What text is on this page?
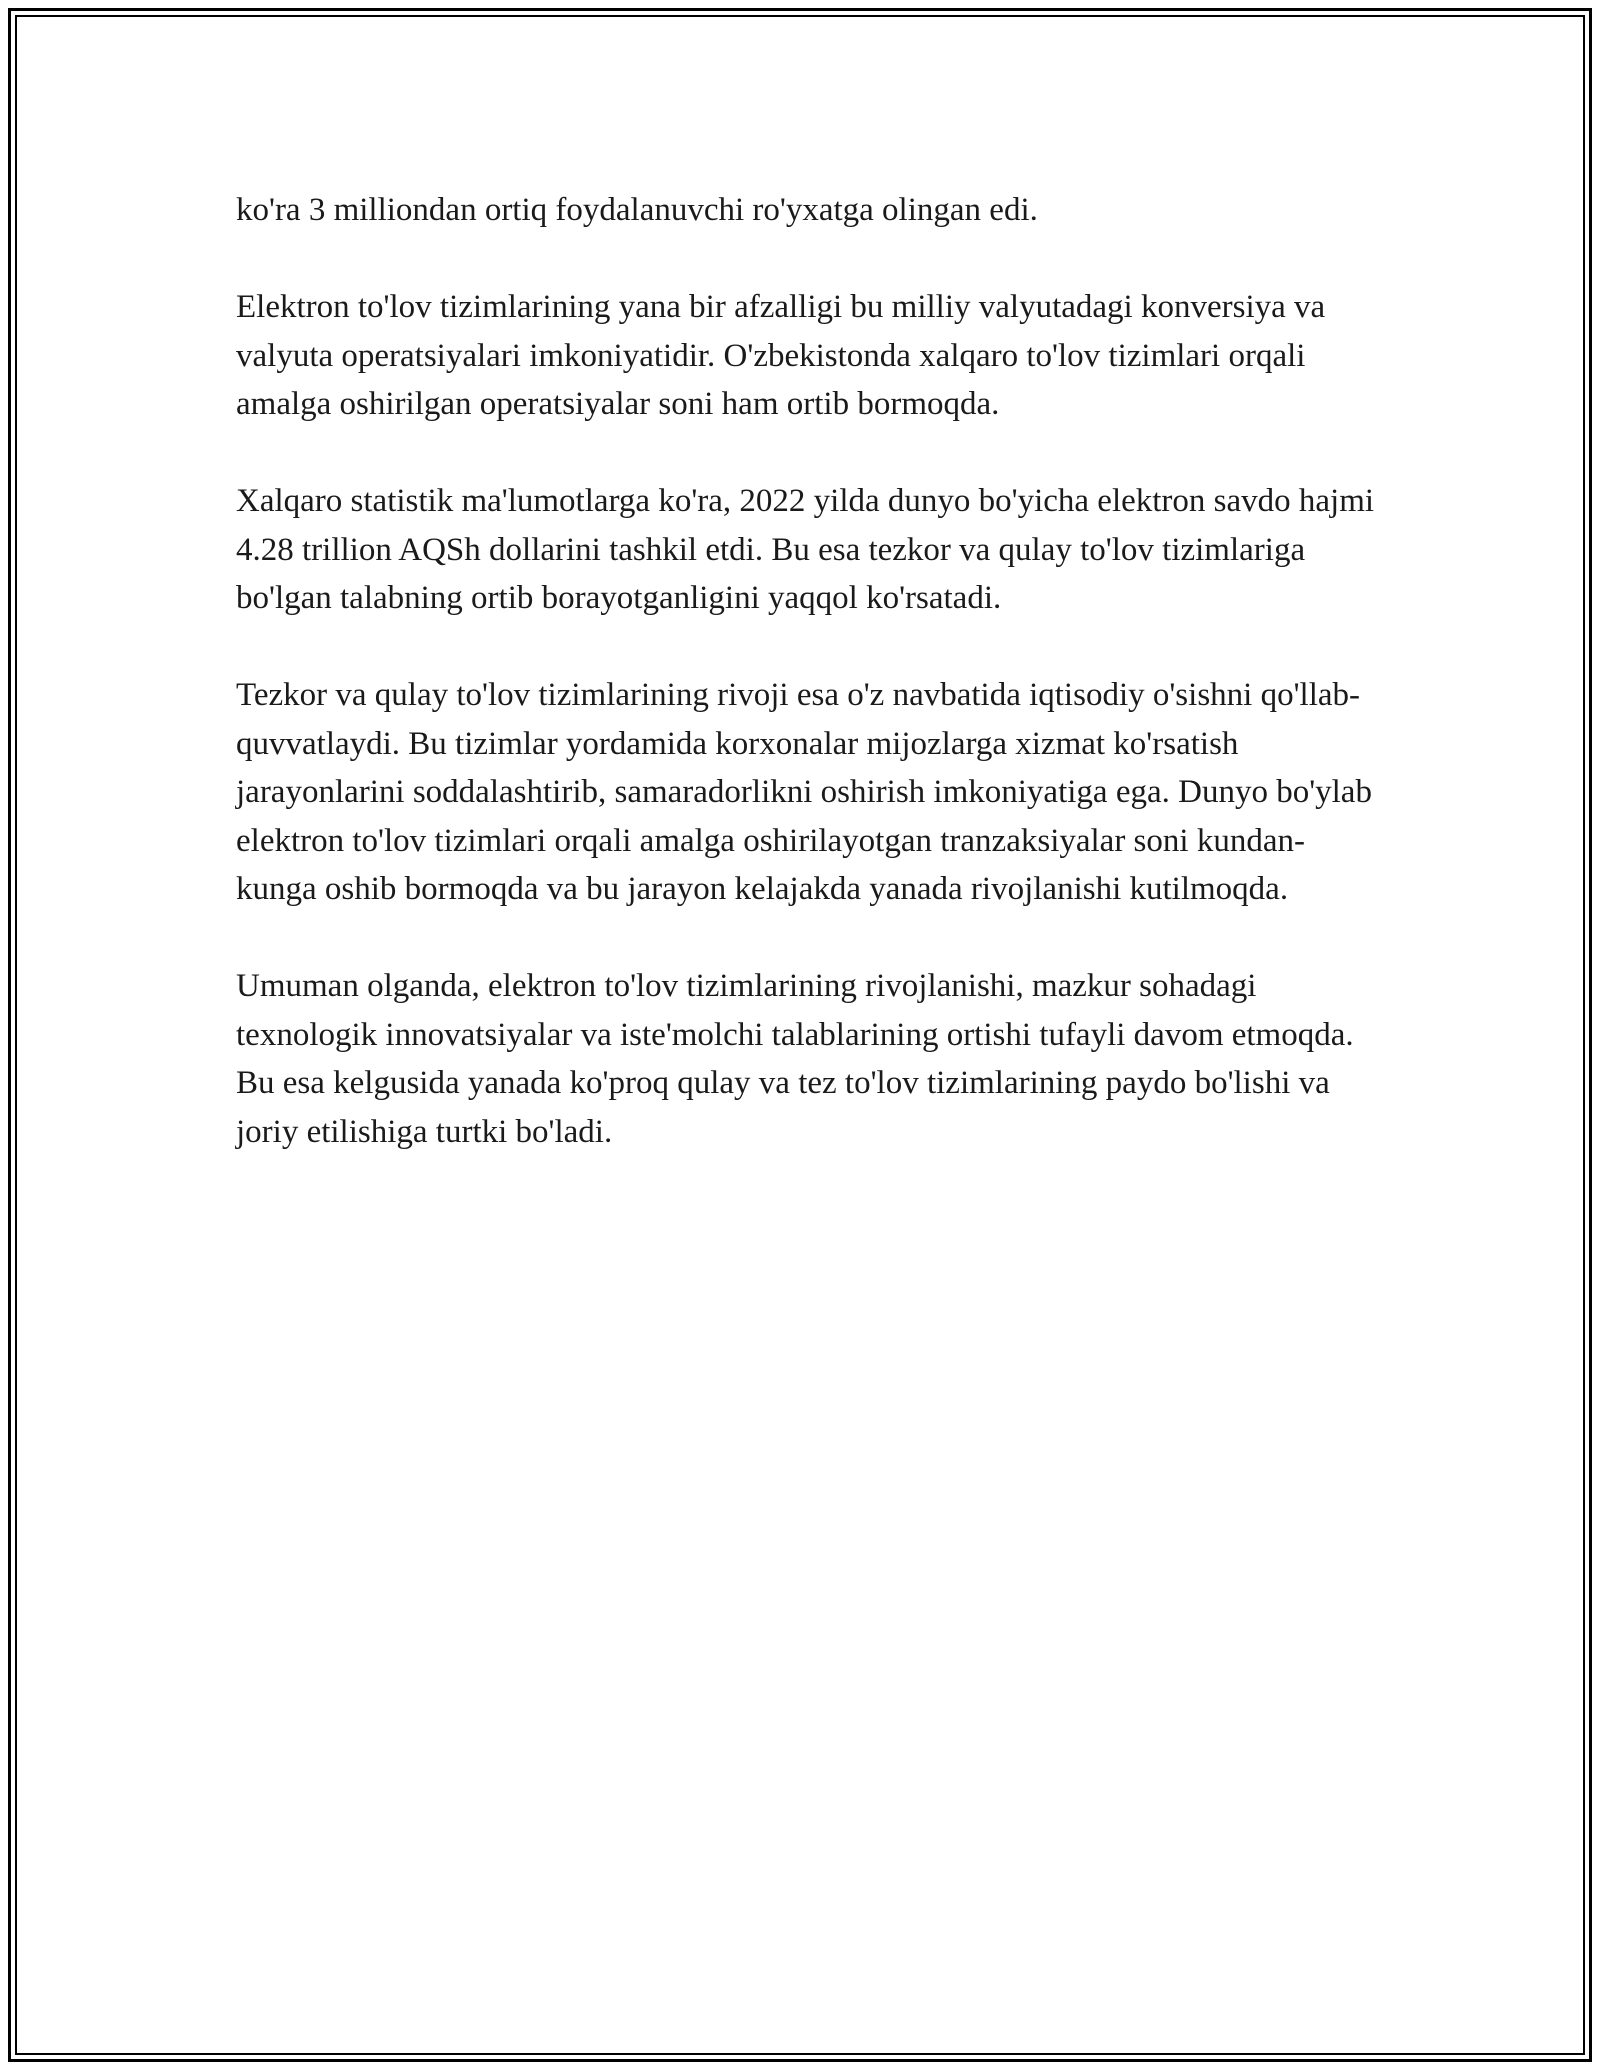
ko'ra 3 milliondan ortiq foydalanuvchi ro'yxatga olingan edi.

Elektron to'lov tizimlarining yana bir afzalligi bu milliy valyutadagi konversiya va valyuta operatsiyalari imkoniyatidir. O'zbekistonda xalqaro to'lov tizimlari orqali amalga oshirilgan operatsiyalar soni ham ortib bormoqda.

Xalqaro statistik ma'lumotlarga ko'ra, 2022 yilda dunyo bo'yicha elektron savdo hajmi 4.28 trillion AQSh dollarini tashkil etdi. Bu esa tezkor va qulay to'lov tizimlariga bo'lgan talabning ortib borayotganligini yaqqol ko'rsatadi.

Tezkor va qulay to'lov tizimlarining rivoji esa o'z navbatida iqtisodiy o'sishni qo'llab-quvvatlaydi. Bu tizimlar yordamida korxonalar mijozlarga xizmat ko'rsatish jarayonlarini soddalashtirib, samaradorlikni oshirish imkoniyatiga ega. Dunyo bo'ylab elektron to'lov tizimlari orqali amalga oshirilayotgan tranzaksiyalar soni kundan-kunga oshib bormoqda va bu jarayon kelajakda yanada rivojlanishi kutilmoqda.

Umuman olganda, elektron to'lov tizimlarining rivojlanishi, mazkur sohadagi texnologik innovatsiyalar va iste'molchi talablarining ortishi tufayli davom etmoqda. Bu esa kelgusida yanada ko'proq qulay va tez to'lov tizimlarining paydo bo'lishi va joriy etilishiga turtki bo'ladi.
